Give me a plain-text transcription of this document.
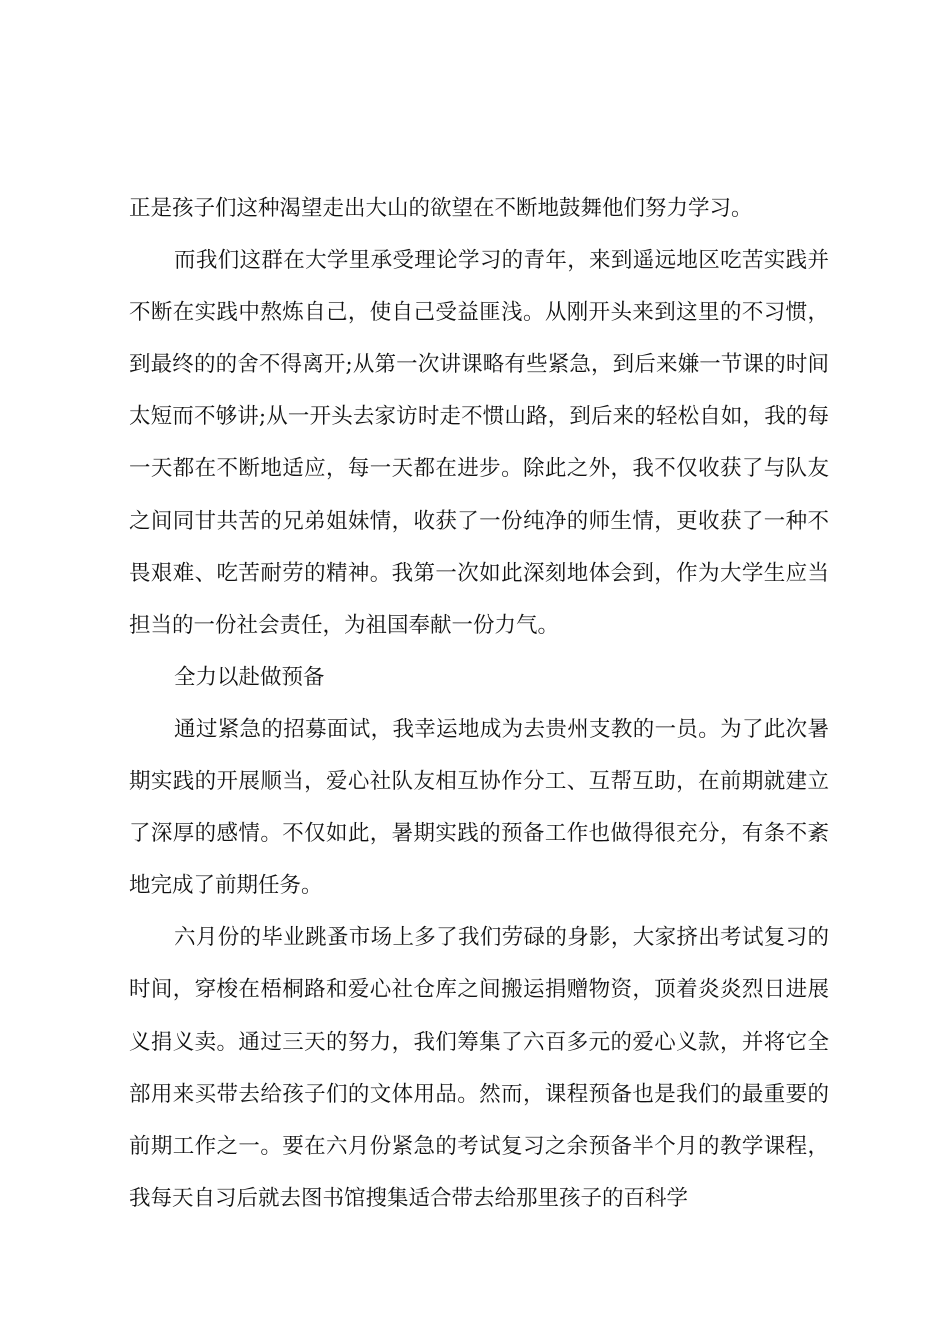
正是孩子们这种渴望走出大山的欲望在不断地鼓舞他们努力学习。

而我们这群在大学里承受理论学习的青年，来到遥远地区吃苦实践并不断在实践中熬炼自己，使自己受益匪浅。从刚开头来到这里的不习惯，到最终的的舍不得离开;从第一次讲课略有些紧急，到后来嫌一节课的时间太短而不够讲;从一开头去家访时走不惯山路，到后来的轻松自如，我的每一天都在不断地适应，每一天都在进步。除此之外，我不仅收获了与队友之间同甘共苦的兄弟姐妹情，收获了一份纯净的师生情，更收获了一种不畏艰难、吃苦耐劳的精神。我第一次如此深刻地体会到，作为大学生应当担当的一份社会责任，为祖国奉献一份力气。

全力以赴做预备

通过紧急的招募面试，我幸运地成为去贵州支教的一员。为了此次暑期实践的开展顺当，爱心社队友相互协作分工、互帮互助，在前期就建立了深厚的感情。不仅如此，暑期实践的预备工作也做得很充分，有条不紊地完成了前期任务。

六月份的毕业跳蚤市场上多了我们劳碌的身影，大家挤出考试复习的时间，穿梭在梧桐路和爱心社仓库之间搬运捐赠物资，顶着炎炎烈日进展义捐义卖。通过三天的努力，我们筹集了六百多元的爱心义款，并将它全部用来买带去给孩子们的文体用品。然而，课程预备也是我们的最重要的前期工作之一。要在六月份紧急的考试复习之余预备半个月的教学课程，我每天自习后就去图书馆搜集适合带去给那里孩子的百科学
